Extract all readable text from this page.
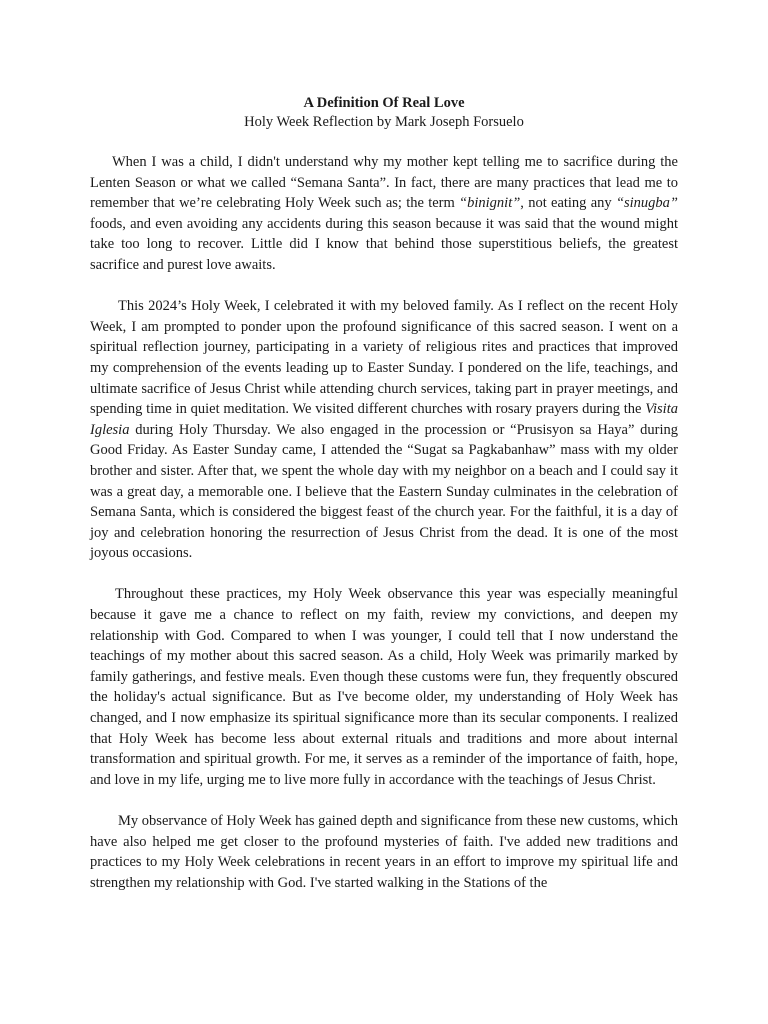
A Definition Of Real Love

Holy Week Reflection by Mark Joseph Forsuelo

When I was a child, I didn't understand why my mother kept telling me to sacrifice during the Lenten Season or what we called “Semana Santa”. In fact, there are many practices that lead me to remember that we’re celebrating Holy Week such as; the term “binignit”, not eating any “sinugba” foods, and even avoiding any accidents during this season because it was said that the wound might take too long to recover. Little did I know that behind those superstitious beliefs, the greatest sacrifice and purest love awaits.

This 2024’s Holy Week, I celebrated it with my beloved family. As I reflect on the recent Holy Week, I am prompted to ponder upon the profound significance of this sacred season. I went on a spiritual reflection journey, participating in a variety of religious rites and practices that improved my comprehension of the events leading up to Easter Sunday. I pondered on the life, teachings, and ultimate sacrifice of Jesus Christ while attending church services, taking part in prayer meetings, and spending time in quiet meditation. We visited different churches with rosary prayers during the Visita Iglesia during Holy Thursday. We also engaged in the procession or “Prusisyon sa Haya” during Good Friday. As Easter Sunday came, I attended the “Sugat sa Pagkabanhaw” mass with my older brother and sister. After that, we spent the whole day with my neighbor on a beach and I could say it was a great day, a memorable one. I believe that the Eastern Sunday culminates in the celebration of Semana Santa, which is considered the biggest feast of the church year. For the faithful, it is a day of joy and celebration honoring the resurrection of Jesus Christ from the dead. It is one of the most joyous occasions.

Throughout these practices, my Holy Week observance this year was especially meaningful because it gave me a chance to reflect on my faith, review my convictions, and deepen my relationship with God. Compared to when I was younger, I could tell that I now understand the teachings of my mother about this sacred season. As a child, Holy Week was primarily marked by family gatherings, and festive meals. Even though these customs were fun, they frequently obscured the holiday's actual significance. But as I've become older, my understanding of Holy Week has changed, and I now emphasize its spiritual significance more than its secular components. I realized that Holy Week has become less about external rituals and traditions and more about internal transformation and spiritual growth. For me, it serves as a reminder of the importance of faith, hope, and love in my life, urging me to live more fully in accordance with the teachings of Jesus Christ.

My observance of Holy Week has gained depth and significance from these new customs, which have also helped me get closer to the profound mysteries of faith. I've added new traditions and practices to my Holy Week celebrations in recent years in an effort to improve my spiritual life and strengthen my relationship with God. I've started walking in the Stations of the
